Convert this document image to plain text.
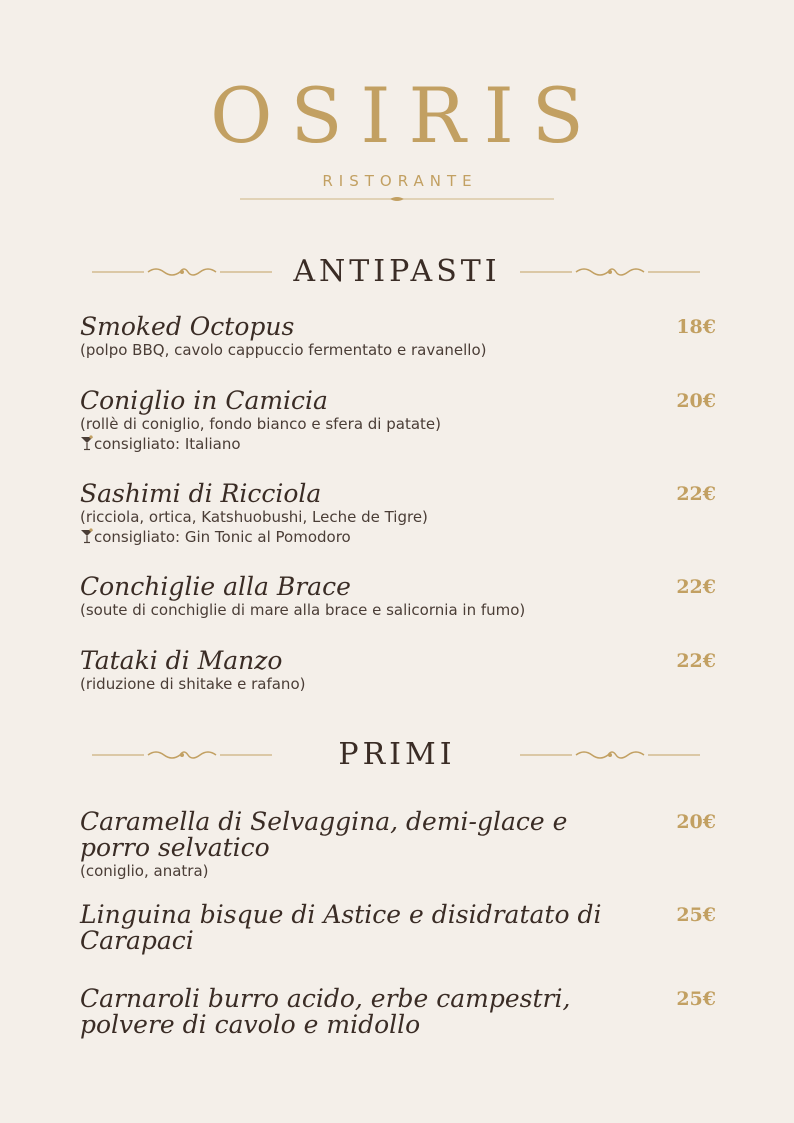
OSIRIS
RISTORANTE
ANTIPASTI
Smoked Octopus	18€
(polpo BBQ, cavolo cappuccio fermentato e ravanello)
Coniglio in Camicia	20€
(rollè di coniglio, fondo bianco e sfera di patate)
consigliato: Italiano
Sashimi di Ricciola	22€
(ricciola, ortica, Katshuobushi, Leche de Tigre)
consigliato: Gin Tonic al Pomodoro
Conchiglie alla Brace	22€
(soute di conchiglie di mare alla brace e salicornia in fumo)
Tataki di Manzo	22€
(riduzione di shitake e rafano)
PRIMI
Caramella di Selvaggina, demi-glace e porro selvatico
20€
(coniglio, anatra)
Linguina bisque di Astice e disidratato di Carapaci
25€
Carnaroli burro acido, erbe campestri, polvere di cavolo e midollo
25€
